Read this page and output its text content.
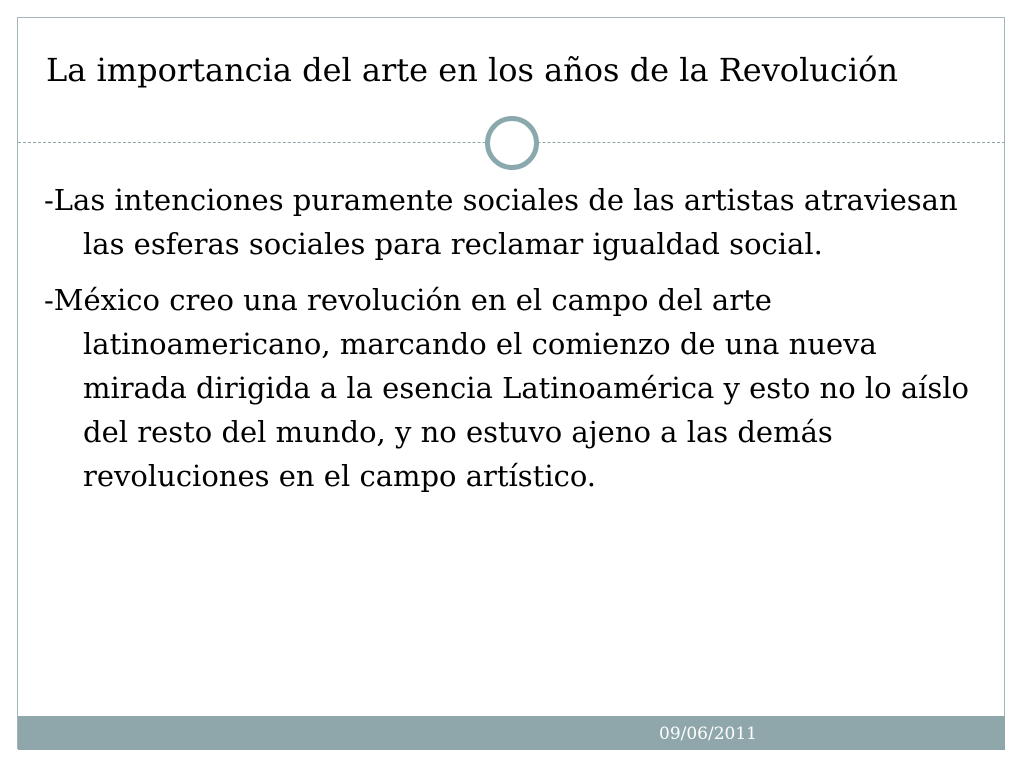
La importancia del arte en los años de la Revolución
-Las intenciones puramente sociales de las artistas atraviesan las esferas sociales para reclamar igualdad social.
-México creo una revolución en el campo del arte latinoamericano, marcando el comienzo de una nueva mirada dirigida a la esencia Latinoamérica y esto no lo aíslo del resto del mundo, y no estuvo ajeno a las demás revoluciones en el campo artístico.
09/06/2011
